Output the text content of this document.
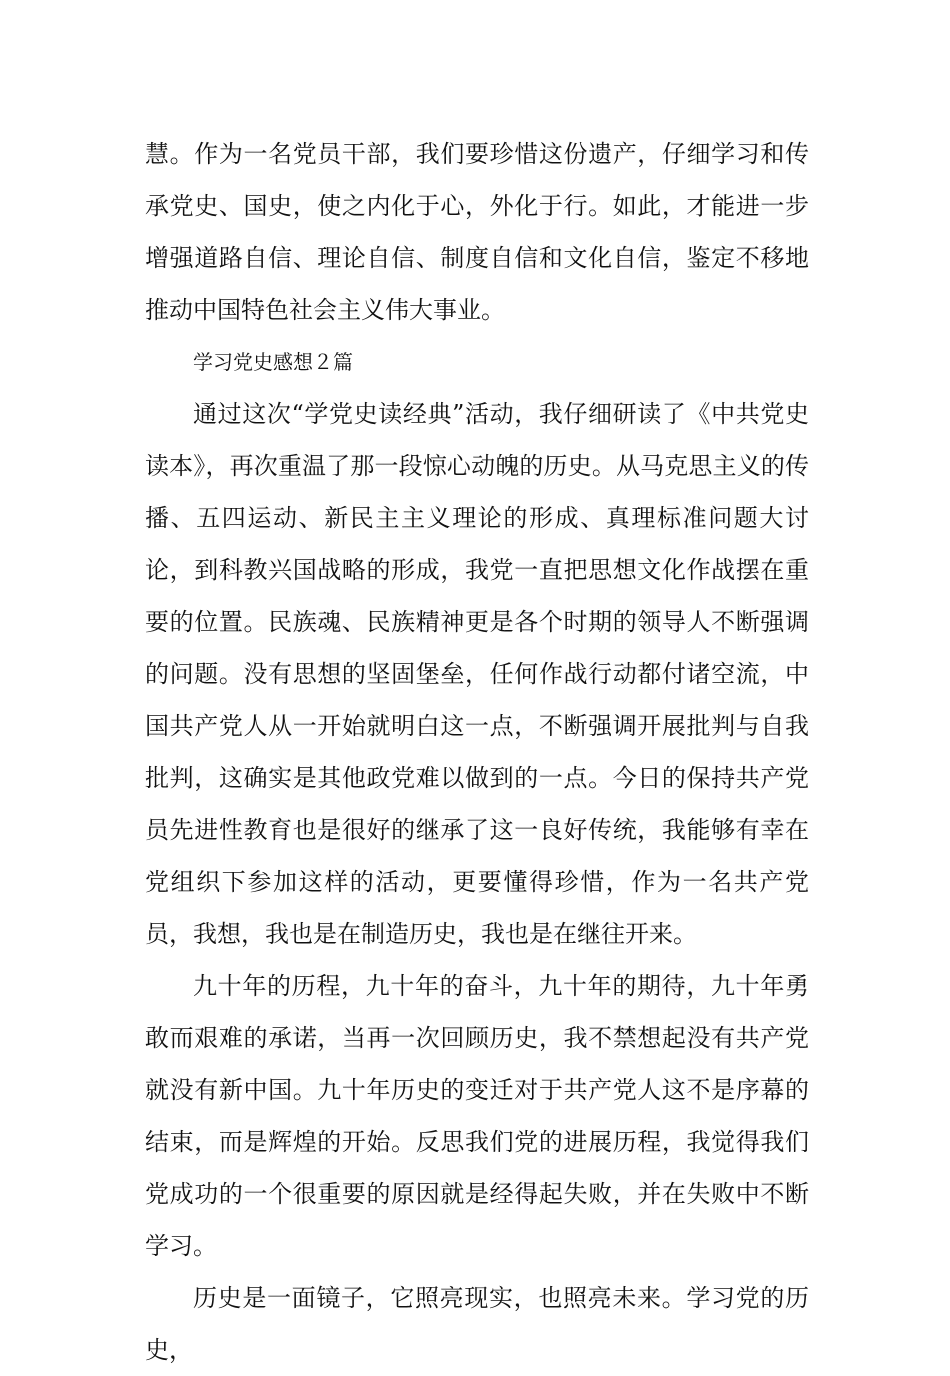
慧。作为一名党员干部，我们要珍惜这份遗产，仔细学习和传承党史、国史，使之内化于心，外化于行。如此，才能进一步增强道路自信、理论自信、制度自信和文化自信，鉴定不移地推动中国特色社会主义伟大事业。

学习党史感想２篇

通过这次“学党史读经典”活动，我仔细研读了《中共党史读本》，再次重温了那一段惊心动魄的历史。从马克思主义的传播、五四运动、新民主主义理论的形成、真理标准问题大讨论，到科教兴国战略的形成，我党一直把思想文化作战摆在重要的位置。民族魂、民族精神更是各个时期的领导人不断强调的问题。没有思想的坚固堡垒，任何作战行动都付诸空流，中国共产党人从一开始就明白这一点，不断强调开展批判与自我批判，这确实是其他政党难以做到的一点。今日的保持共产党员先进性教育也是很好的继承了这一良好传统，我能够有幸在党组织下参加这样的活动，更要懂得珍惜，作为一名共产党员，我想，我也是在制造历史，我也是在继往开来。

九十年的历程，九十年的奋斗，九十年的期待，九十年勇敢而艰难的承诺，当再一次回顾历史，我不禁想起没有共产党就没有新中国。九十年历史的变迁对于共产党人这不是序幕的结束，而是辉煌的开始。反思我们党的进展历程，我觉得我们党成功的一个很重要的原因就是经得起失败，并在失败中不断学习。

历史是一面镜子，它照亮现实，也照亮未来。学习党的历史，
